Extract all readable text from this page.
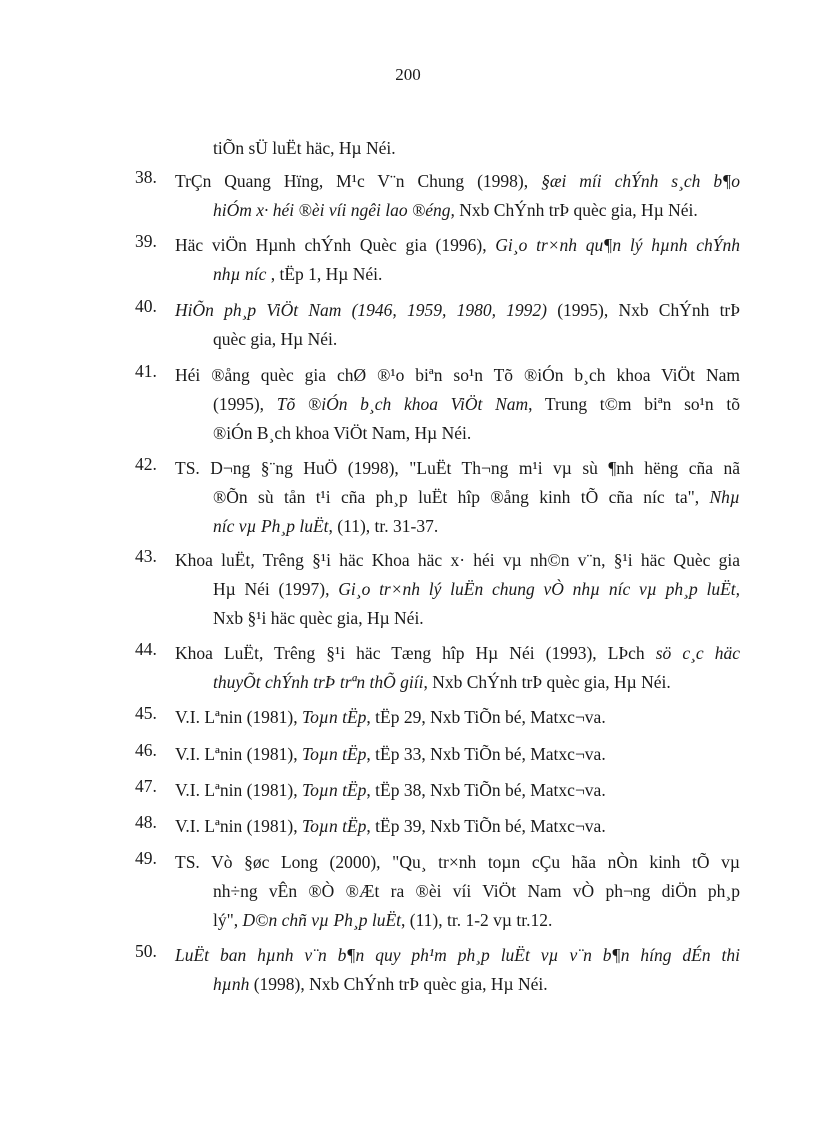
200
tiÕn sÜ luËt häc, Hµ Néi.
38.	TrÇn Quang Hïng, M¹c V¨n Chung (1998), §æi míi chÝnh s¸ch b¶o
hiÓm x· héi ®èi víi ngêi lao ®éng, Nxb ChÝnh trÞ quèc gia, Hµ Néi.
39.	Häc viÖn Hµnh chÝnh Quèc gia (1996), Gi¸o tr×nh qu¶n lý hµnh chÝnh
nhµ níc , tËp 1, Hµ Néi.
40.	HiÕn ph¸p ViÖt Nam (1946, 1959, 1980, 1992) (1995), Nxb ChÝnh trÞ
quèc gia, Hµ Néi.
41.	Héi ®ång quèc gia chØ ®¹o biªn so¹n Tõ ®iÓn b¸ch khoa ViÖt Nam
(1995), Tõ ®iÓn b¸ch khoa ViÖt Nam, Trung t©m biªn so¹n tõ
®iÓn B¸ch khoa ViÖt Nam, Hµ Néi.
42.	TS. D¬ng §¨ng HuÖ (1998), "LuËt Th¬ng m¹i vµ sù ¶nh hëng cña nã
®Õn sù tån t¹i cña ph¸p luËt hîp ®ång kinh tÕ cña níc ta", Nhµ
níc vµ Ph¸p luËt, (11), tr. 31-37.
43.	Khoa luËt, Trêng §¹i häc Khoa häc x· héi vµ nh©n v¨n, §¹i häc Quèc gia
Hµ Néi (1997), Gi¸o tr×nh lý luËn chung vÒ nhµ níc vµ ph¸p luËt,
Nxb §¹i häc quèc gia, Hµ Néi.
44.	Khoa LuËt, Trêng §¹i häc Tæng hîp Hµ Néi (1993), LÞch sö c¸c häc
thuyÕt chÝnh trÞ trªn thÕ giíi, Nxb ChÝnh trÞ quèc gia, Hµ Néi.
45.	V.I. Lªnin (1981), Toµn tËp, tËp 29, Nxb TiÕn bé, Matxc¬va.
46.	V.I. Lªnin (1981), Toµn tËp, tËp 33, Nxb TiÕn bé, Matxc¬va.
47.	V.I. Lªnin (1981), Toµn tËp, tËp 38, Nxb TiÕn bé, Matxc¬va.
48.	V.I. Lªnin (1981), Toµn tËp, tËp 39, Nxb TiÕn bé, Matxc¬va.
49.	TS. Vò §øc Long (2000), "Qu¸ tr×nh toµn cÇu hãa nÒn kinh tÕ vµ
nh÷ng vÊn ®Ò ®Æt ra ®èi víi ViÖt Nam vÒ ph¬ng diÖn ph¸p
lý", D©n chñ vµ Ph¸p luËt, (11), tr. 1-2 vµ tr.12.
50.	LuËt ban hµnh v¨n b¶n quy ph¹m ph¸p luËt vµ v¨n b¶n híng dÉn thi
hµnh (1998), Nxb ChÝnh trÞ quèc gia, Hµ Néi.
